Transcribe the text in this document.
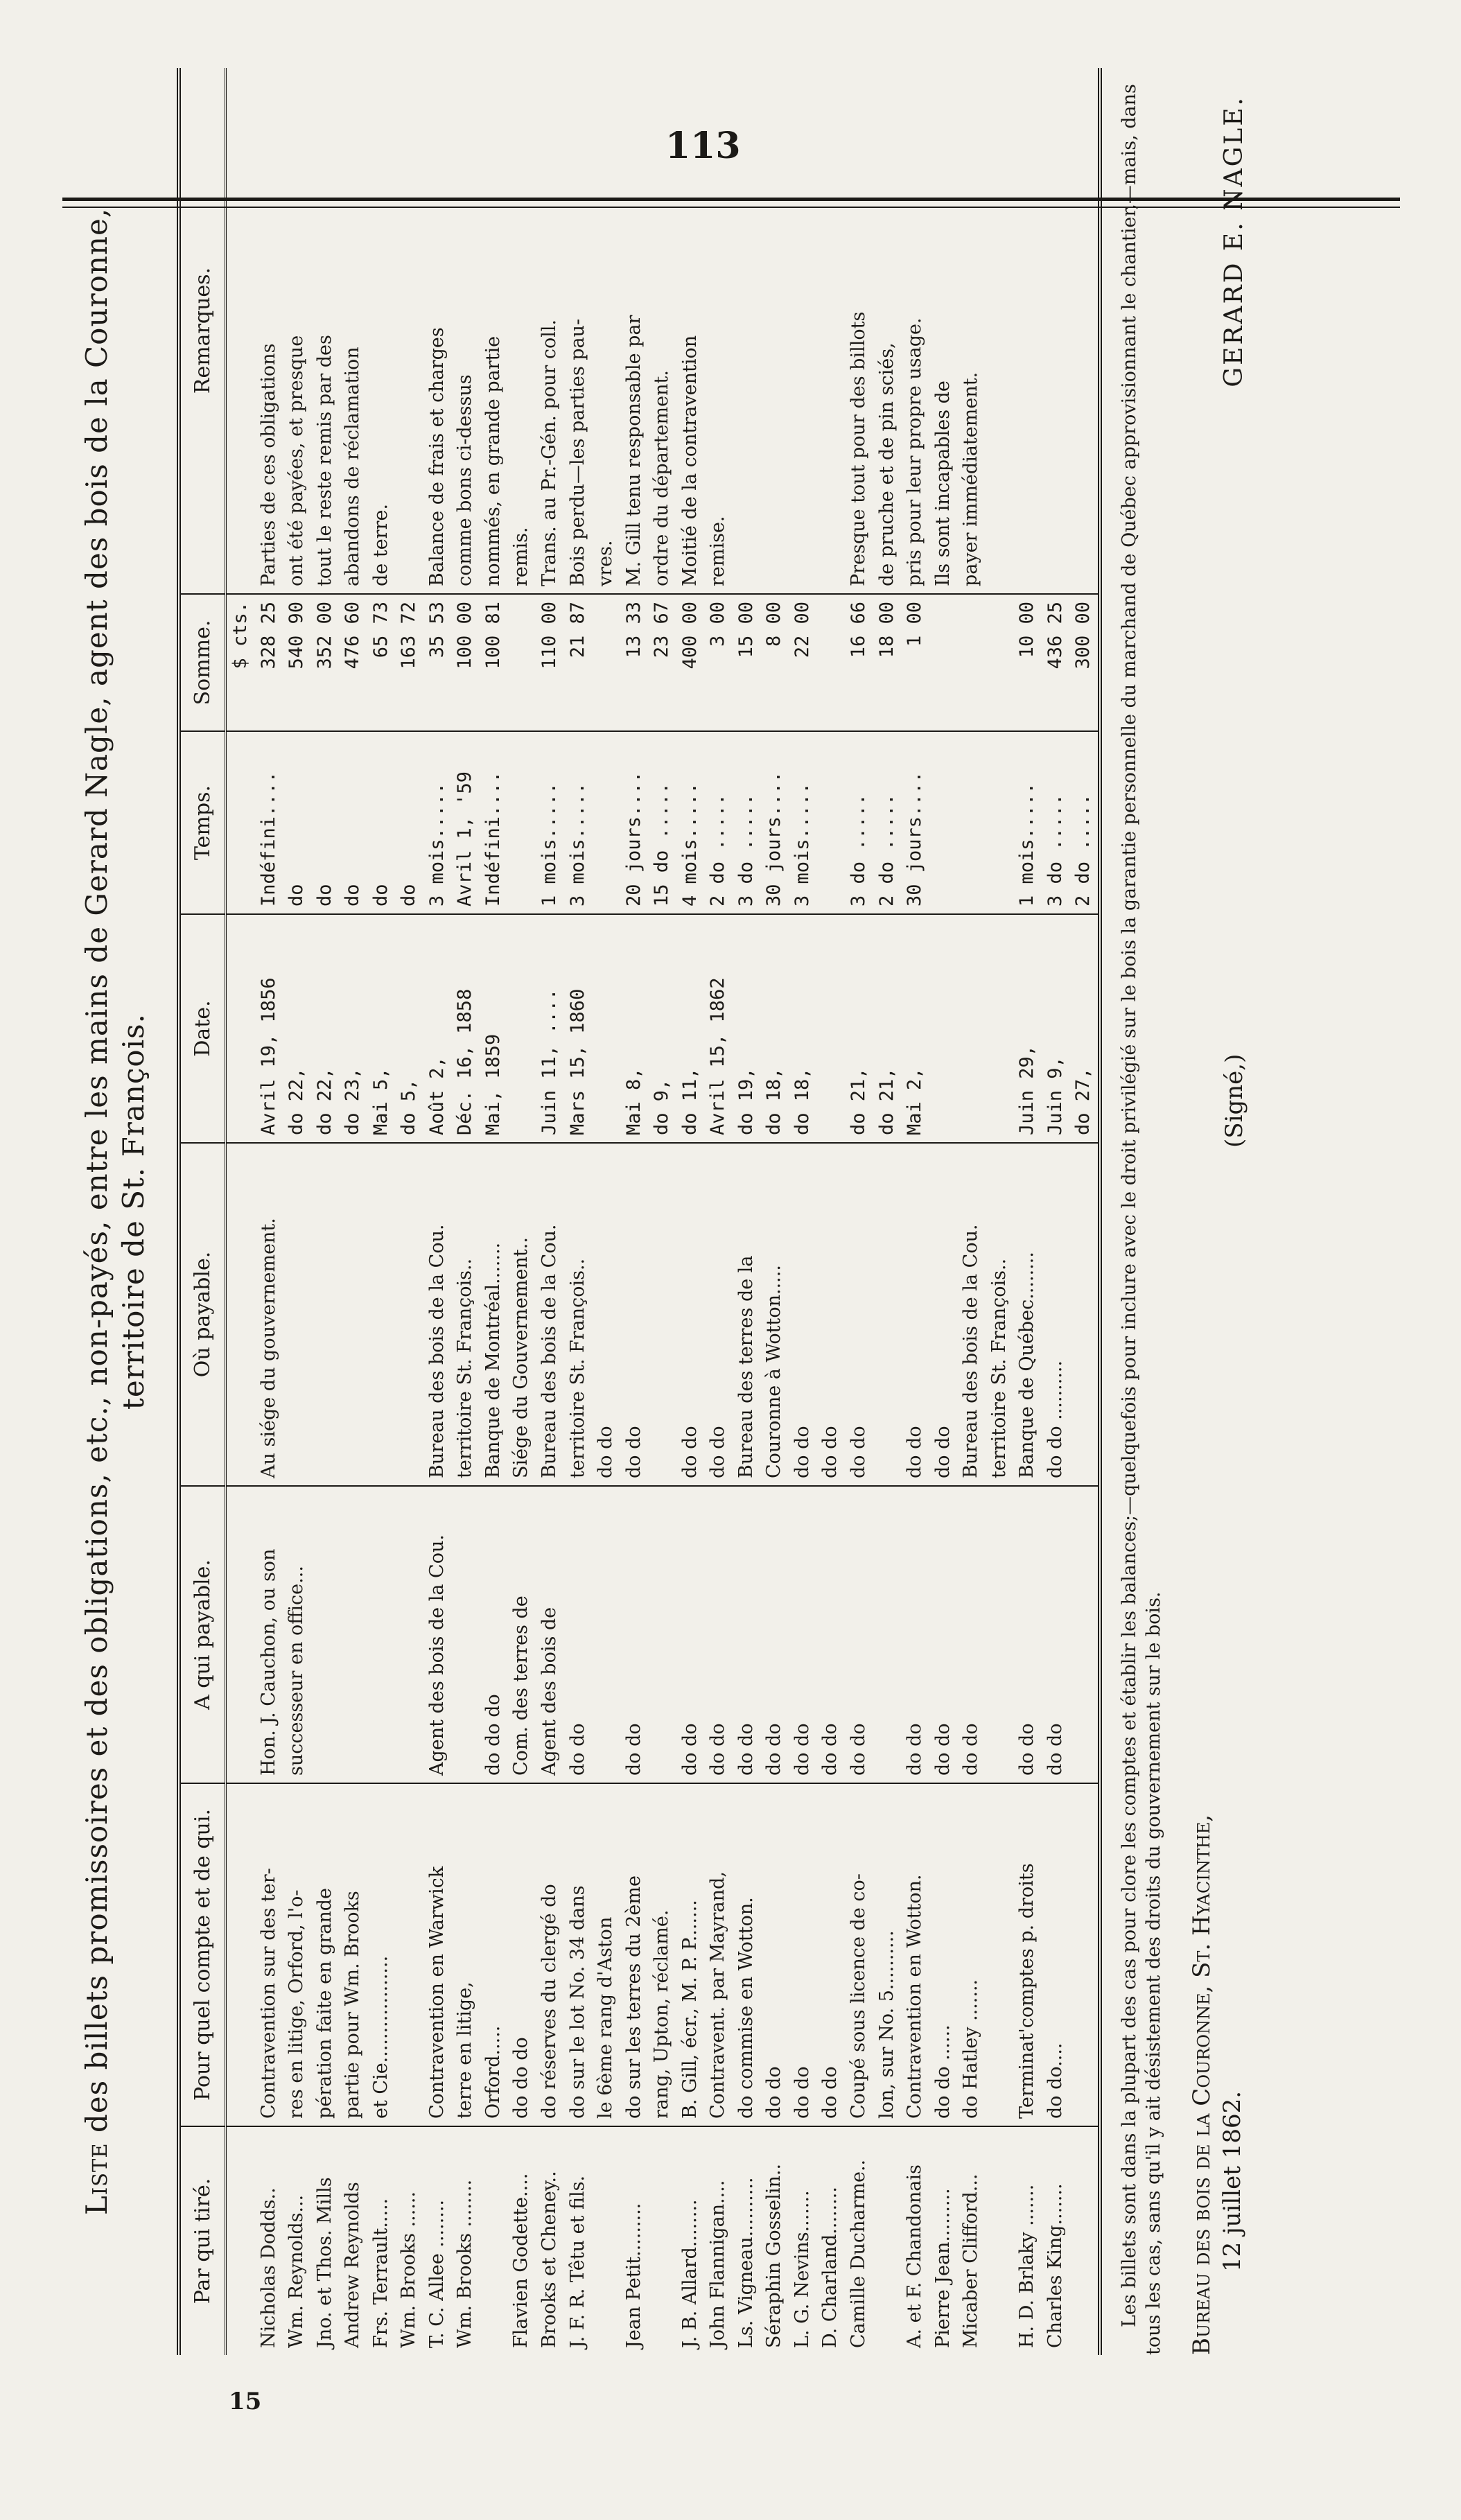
113

Liste des billets promissoires et des obligations, etc., non-payés, entre les mains de Gerard Nagle, agent des bois de la Couronne, territoire de St. François.

Par qui tiré.	Pour quel compte et de qui.	A qui payable.	Où payable.	Date.	Temps.	Somme.	Remarques.
						$ cts.	
Nicholas Dodds..	Contravention sur des ter-	Hon. J. Cauchon, ou son	Au siége du gouvernement.	Avril 19, 1856	Indéfini....	328 25	Parties de ces obligations
Wm. Reynolds...	res en litige, Orford, l'o-	successeur en office...		do 22,	do	540 90	ont été payées, et presque
Jno. et Thos. Mills	pération faite en grande			do 22,	do	352 00	tout le reste remis par des
Andrew Reynolds	partie pour Wm. Brooks			do 23,	do	476 60	abandons de réclamation
Frs. Terrault.....	et Cie..................			Mai 5,	do	65 73	de terre.
Wm. Brooks ......				do 5,	do	163 72	
T. C. Allee ........	Contravention en Warwick	Agent des bois de la Cou.	Bureau des bois de la Cou.	Août 2,	3 mois.....	35 53	Balance de frais et charges
Wm. Brooks ........	terre en litige,		territoire St. François..	Déc. 16, 1858	Avril 1, '59	100 00	comme bons ci-dessus
	Orford.....	do do do	Banque de Montréal.......	Mai, 1859	Indéfini....	100 81	nommés, en grande partie
Flavien Godette....	do do do	Com. des terres de	Siége du Gouvernement..				remis.
Brooks et Cheney..	do réserves du clergé do	Agent des bois de	Bureau des bois de la Cou.	Juin 11, ....	1 mois.....	110 00	Trans. au Pr.-Gén. pour coll.
J. F. R. Têtu et fils.	do sur le lot No. 34 dans	do do	territoire St. François..	Mars 15, 1860	3 mois.....	21 87	Bois perdu—les parties pau-
	le 6ème rang d'Aston		do do				vres.
Jean Petit.........	do sur les terres du 2ème	do do	do do	Mai 8,	20 jours....	13 33	M. Gill tenu responsable par
	rang, Upton, réclamé.			do 9,	15 do .....	23 67	ordre du département.
J. B. Allard........	B. Gill, écr., M. P. P.......	do do	do do	do 11,	4 mois.....	400 00	Moitié de la contravention
John Flannigan....	Contravent. par Mayrand,	do do	do do	Avril 15, 1862	2 do .....	3 00	remise.
Ls. Vigneau..........	do commise en Wotton.	do do	Bureau des terres de la	do 19,	3 do .....	15 00	
Séraphin Gosselin..	do do	do do	Couronne à Wotton.....	do 18,	30 jours....	8 00	
L. G. Nevins.......	do do	do do	do do	do 18,	3 mois.....	22 00	
D. Charland........	do do	do do	do do				
Camille Ducharme..	Coupé sous licence de co-	do do	do do	do 21,	3 do .....	16 66	Presque tout pour des billots
	lon, sur No. 5..........			do 21,	2 do .....	18 00	de pruche et de pin sciés,
A. et F. Chandonais	Contravention en Wotton.	do do	do do	Mai 2,	30 jours....	1 00	pris pour leur propre usage.
Pierre Jean.........	do do ......	do do	do do				Ils sont incapables de
Micaber Clifford...	do Hatley .......	do do	Bureau des bois de la Cou.				payer immédiatement.
			territoire St. François..				
H. D. Brlaky .......	Terminat'comptes p. droits	do do	Banque de Québec........	Juin 29,	1 mois.....	10 00	
Charles King.......	do do....	do do	do do ..........	Juin 9,	3 do .....	436 25	
				do 27,	2 do .....	300 00	Les billets sont dans la plupart des cas pour clore les comptes et établir les balances;—quelquefois pour inclure avec le droit privilégié sur le bois la garantie personnelle du marchand de Québec approvisionnant le chantier,—mais, dans tous les cas, sans qu'il y ait désistement des droits du gouvernement sur le bois. Bureau des bois de la Couronne, St. Hyacinthe, 12 juillet 1862.
(Signé,)
GERARD E. NAGLE.
15
